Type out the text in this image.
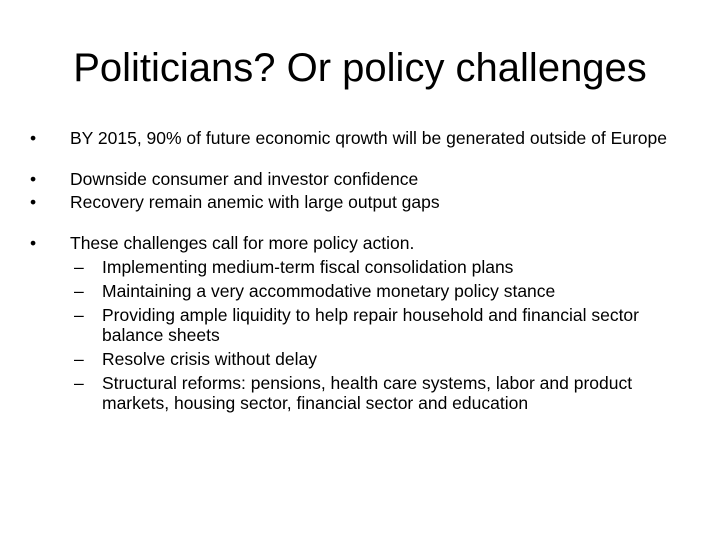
Politicians? Or policy challenges
• BY 2015, 90% of future economic qrowth will be generated outside of Europe
• Downside consumer and investor confidence
• Recovery remain anemic with large output gaps
• These challenges call for more policy action.
– Implementing medium-term fiscal consolidation plans
– Maintaining a very accommodative monetary policy stance
– Providing ample liquidity to help repair household and financial sector balance sheets
– Resolve crisis without delay
– Structural reforms: pensions, health care systems, labor and product markets, housing sector, financial sector and education
